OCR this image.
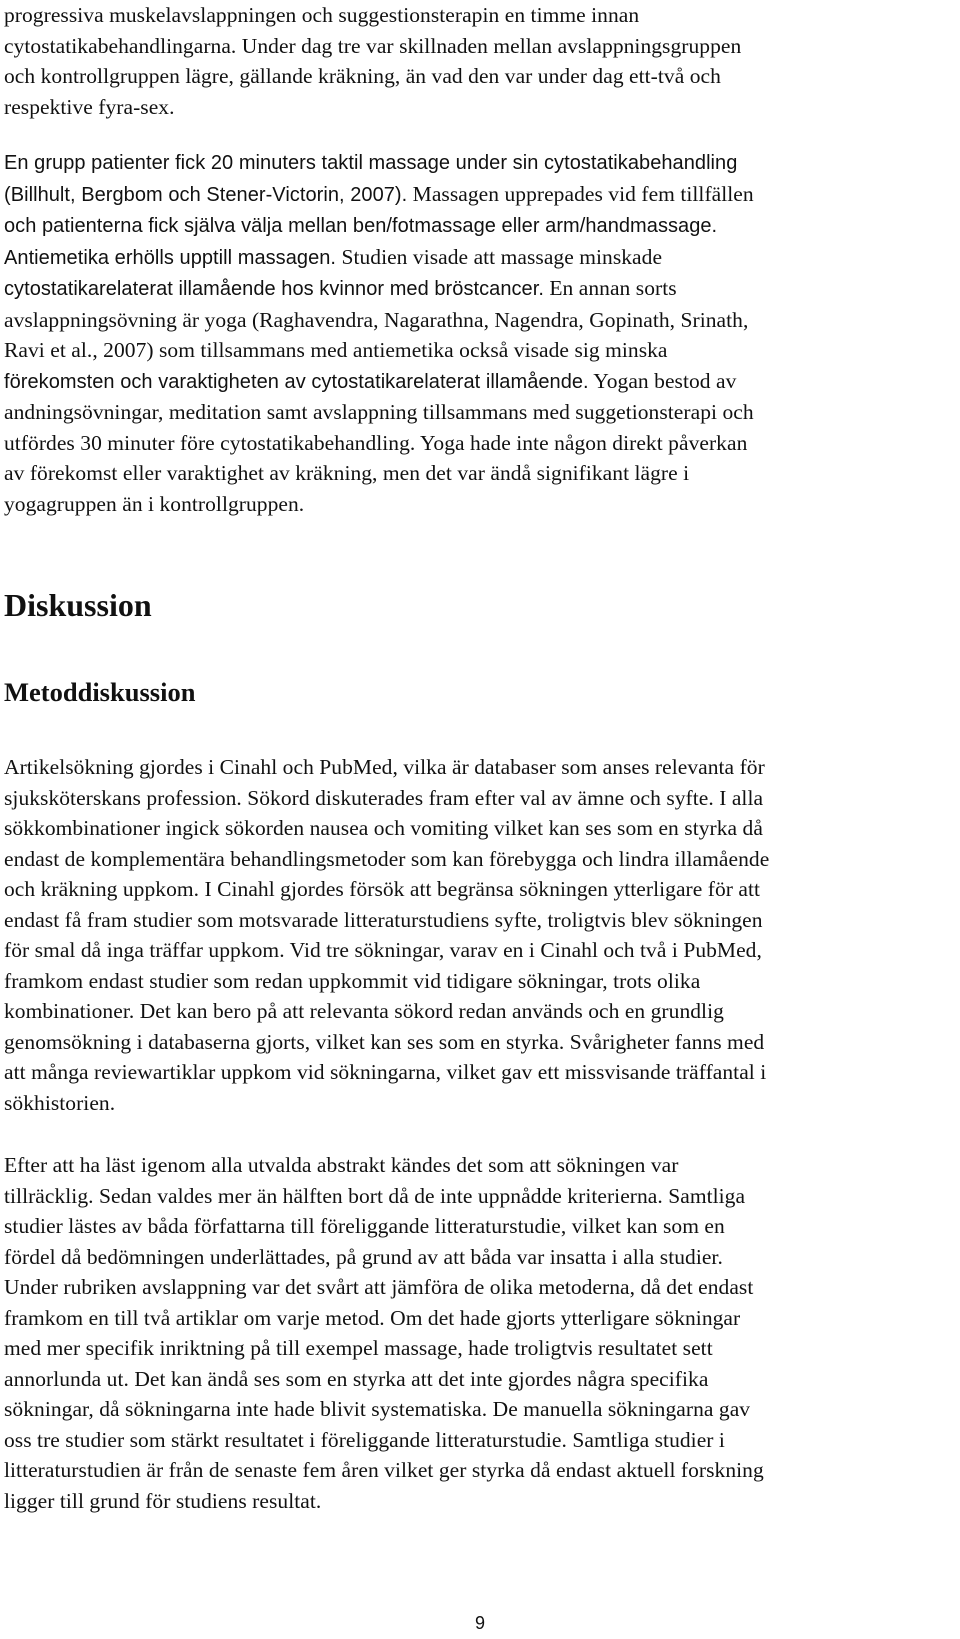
progressiva muskelavslappningen och suggestionsterapin en timme innan
cytostatikabehandlingarna. Under dag tre var skillnaden mellan avslappningsgruppen
och kontrollgruppen lägre, gällande kräkning, än vad den var under dag ett-två och
respektive fyra-sex.

En grupp patienter fick 20 minuters taktil massage under sin cytostatikabehandling
(Billhult, Bergbom och Stener-Victorin, 2007). Massagen upprepades vid fem tillfällen
och patienterna fick själva välja mellan ben/fotmassage eller arm/handmassage.
Antiemetika erhölls upptill massagen. Studien visade att massage minskade
cytostatikarelaterat illamående hos kvinnor med bröstcancer. En annan sorts
avslappningsövning är yoga (Raghavendra, Nagarathna, Nagendra, Gopinath, Srinath,
Ravi et al., 2007) som tillsammans med antiemetika också visade sig minska
förekomsten och varaktigheten av cytostatikarelaterat illamående. Yogan bestod av
andningsövningar, meditation samt avslappning tillsammans med suggetionsterapi och
utfördes 30 minuter före cytostatikabehandling. Yoga hade inte någon direkt påverkan
av förekomst eller varaktighet av kräkning, men det var ändå signifikant lägre i
yogagruppen än i kontrollgruppen.

Diskussion
Metoddiskussion

Artikelsökning gjordes i Cinahl och PubMed, vilka är databaser som anses relevanta för
sjuksköterskans profession. Sökord diskuterades fram efter val av ämne och syfte. I alla
sökkombinationer ingick sökorden nausea och vomiting vilket kan ses som en styrka då
endast de komplementära behandlingsmetoder som kan förebygga och lindra illamående
och kräkning uppkom. I Cinahl gjordes försök att begränsa sökningen ytterligare för att
endast få fram studier som motsvarade litteraturstudiens syfte, troligtvis blev sökningen
för smal då inga träffar uppkom. Vid tre sökningar, varav en i Cinahl och två i PubMed,
framkom endast studier som redan uppkommit vid tidigare sökningar, trots olika
kombinationer. Det kan bero på att relevanta sökord redan används och en grundlig
genomsökning i databaserna gjorts, vilket kan ses som en styrka. Svårigheter fanns med
att många reviewartiklar uppkom vid sökningarna, vilket gav ett missvisande träffantal i
sökhistorien.

Efter att ha läst igenom alla utvalda abstrakt kändes det som att sökningen var
tillräcklig. Sedan valdes mer än hälften bort då de inte uppnådde kriterierna. Samtliga
studier lästes av båda författarna till föreliggande litteraturstudie, vilket kan som en
fördel då bedömningen underlättades, på grund av att båda var insatta i alla studier.
Under rubriken avslappning var det svårt att jämföra de olika metoderna, då det endast
framkom en till två artiklar om varje metod. Om det hade gjorts ytterligare sökningar
med mer specifik inriktning på till exempel massage, hade troligtvis resultatet sett
annorlunda ut. Det kan ändå ses som en styrka att det inte gjordes några specifika
sökningar, då sökningarna inte hade blivit systematiska. De manuella sökningarna gav
oss tre studier som stärkt resultatet i föreliggande litteraturstudie. Samtliga studier i
litteraturstudien är från de senaste fem åren vilket ger styrka då endast aktuell forskning
ligger till grund för studiens resultat.

9
